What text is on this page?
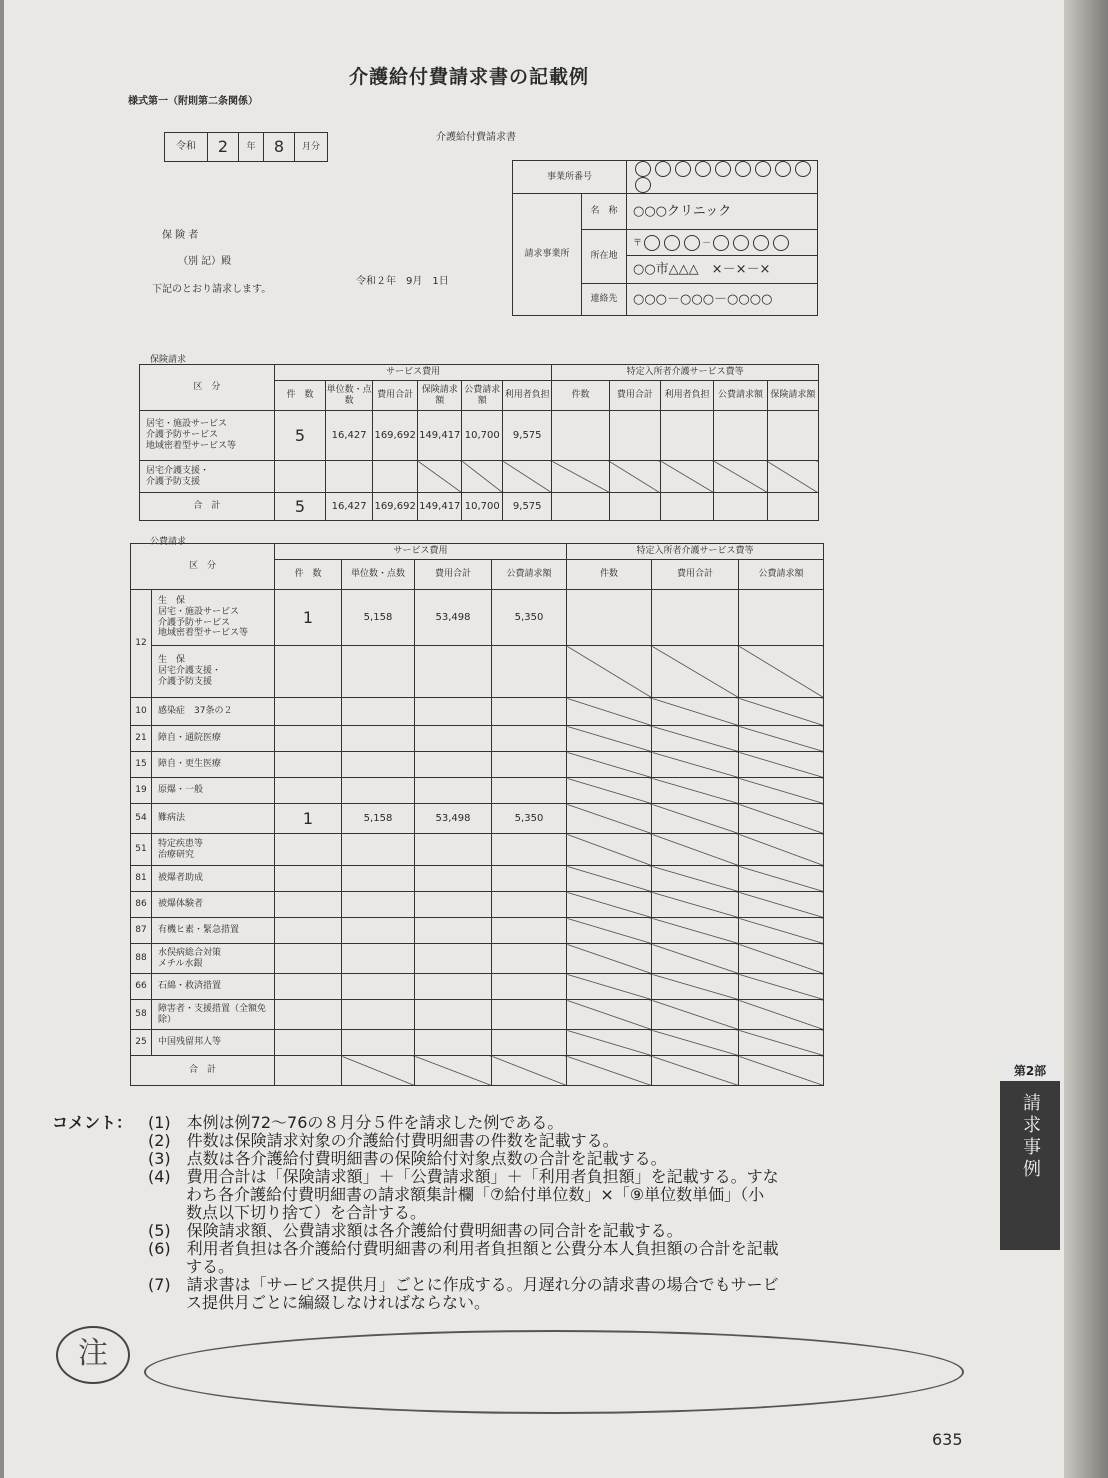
介護給付費請求書の記載例
様式第一（附則第二条関係）
令和	2	年	8	月分
介護給付費請求書
事業所番号		
請求事業所	名　称	○○○クリニック
	所在地	〒 －
		○○市△△△　×－×－×
	連絡先	○○○－○○○－○○○○
保 険 者
（別 記）殿
下記のとおり請求します。
令和２年　9月　1日
保険請求
区　分	サービス費用						特定入所者介護サービス費等				
	件　数	単位数・点数	費用合計	保険請求額	公費請求額	利用者負担	件数	費用合計	利用者負担	公費請求額	保険請求額
居宅・施設サービス
介護予防サービス
地域密着型サービス等	5	16,427	169,692	149,417	10,700	9,575					
居宅介護支援・
介護予防支援											
合　計	5	16,427	169,692	149,417	10,700	9,575					
公費請求
区　分		サービス費用				特定入所者介護サービス費等		
		件　数	単位数・点数	費用合計	公費請求額	件数	費用合計	公費請求額
12	生　保
居宅・施設サービス
介護予防サービス
地域密着型サービス等	1	5,158	53,498	5,350			
	生　保
居宅介護支援・
介護予防支援							
10	感染症　37条の２							
21	障自・通院医療							
15	障自・更生医療							
19	原爆・一般							
54	難病法	1	5,158	53,498	5,350			
51	特定疾患等
治療研究							
81	被爆者助成							
86	被爆体験者							
87	有機ヒ素・緊急措置							
88	水俣病総合対策
メチル水銀							
66	石綿・救済措置							
58	障害者・支援措置（全額免除）							
25	中国残留邦人等							
合　計								
コメント： (1)　本例は例72～76の８月分５件を請求した例である。
(2)　件数は保険請求対象の介護給付費明細書の件数を記載する。
(3)　点数は各介護給付費明細書の保険給付対象点数の合計を記載する。
(4)　費用合計は「保険請求額」＋「公費請求額」＋「利用者負担額」を記載する。すな
わち各介護給付費明細書の請求額集計欄「⑦給付単位数」×「⑨単位数単価」（小
数点以下切り捨て）を合計する。
(5)　保険請求額、公費請求額は各介護給付費明細書の同合計を記載する。
(6)　利用者負担は各介護給付費明細書の利用者負担額と公費分本人負担額の合計を記載
する。
(7)　請求書は「サービス提供月」ごとに作成する。月遅れ分の請求書の場合でもサービ
ス提供月ごとに編綴しなければならない。
注
635
第2部
請求事例
